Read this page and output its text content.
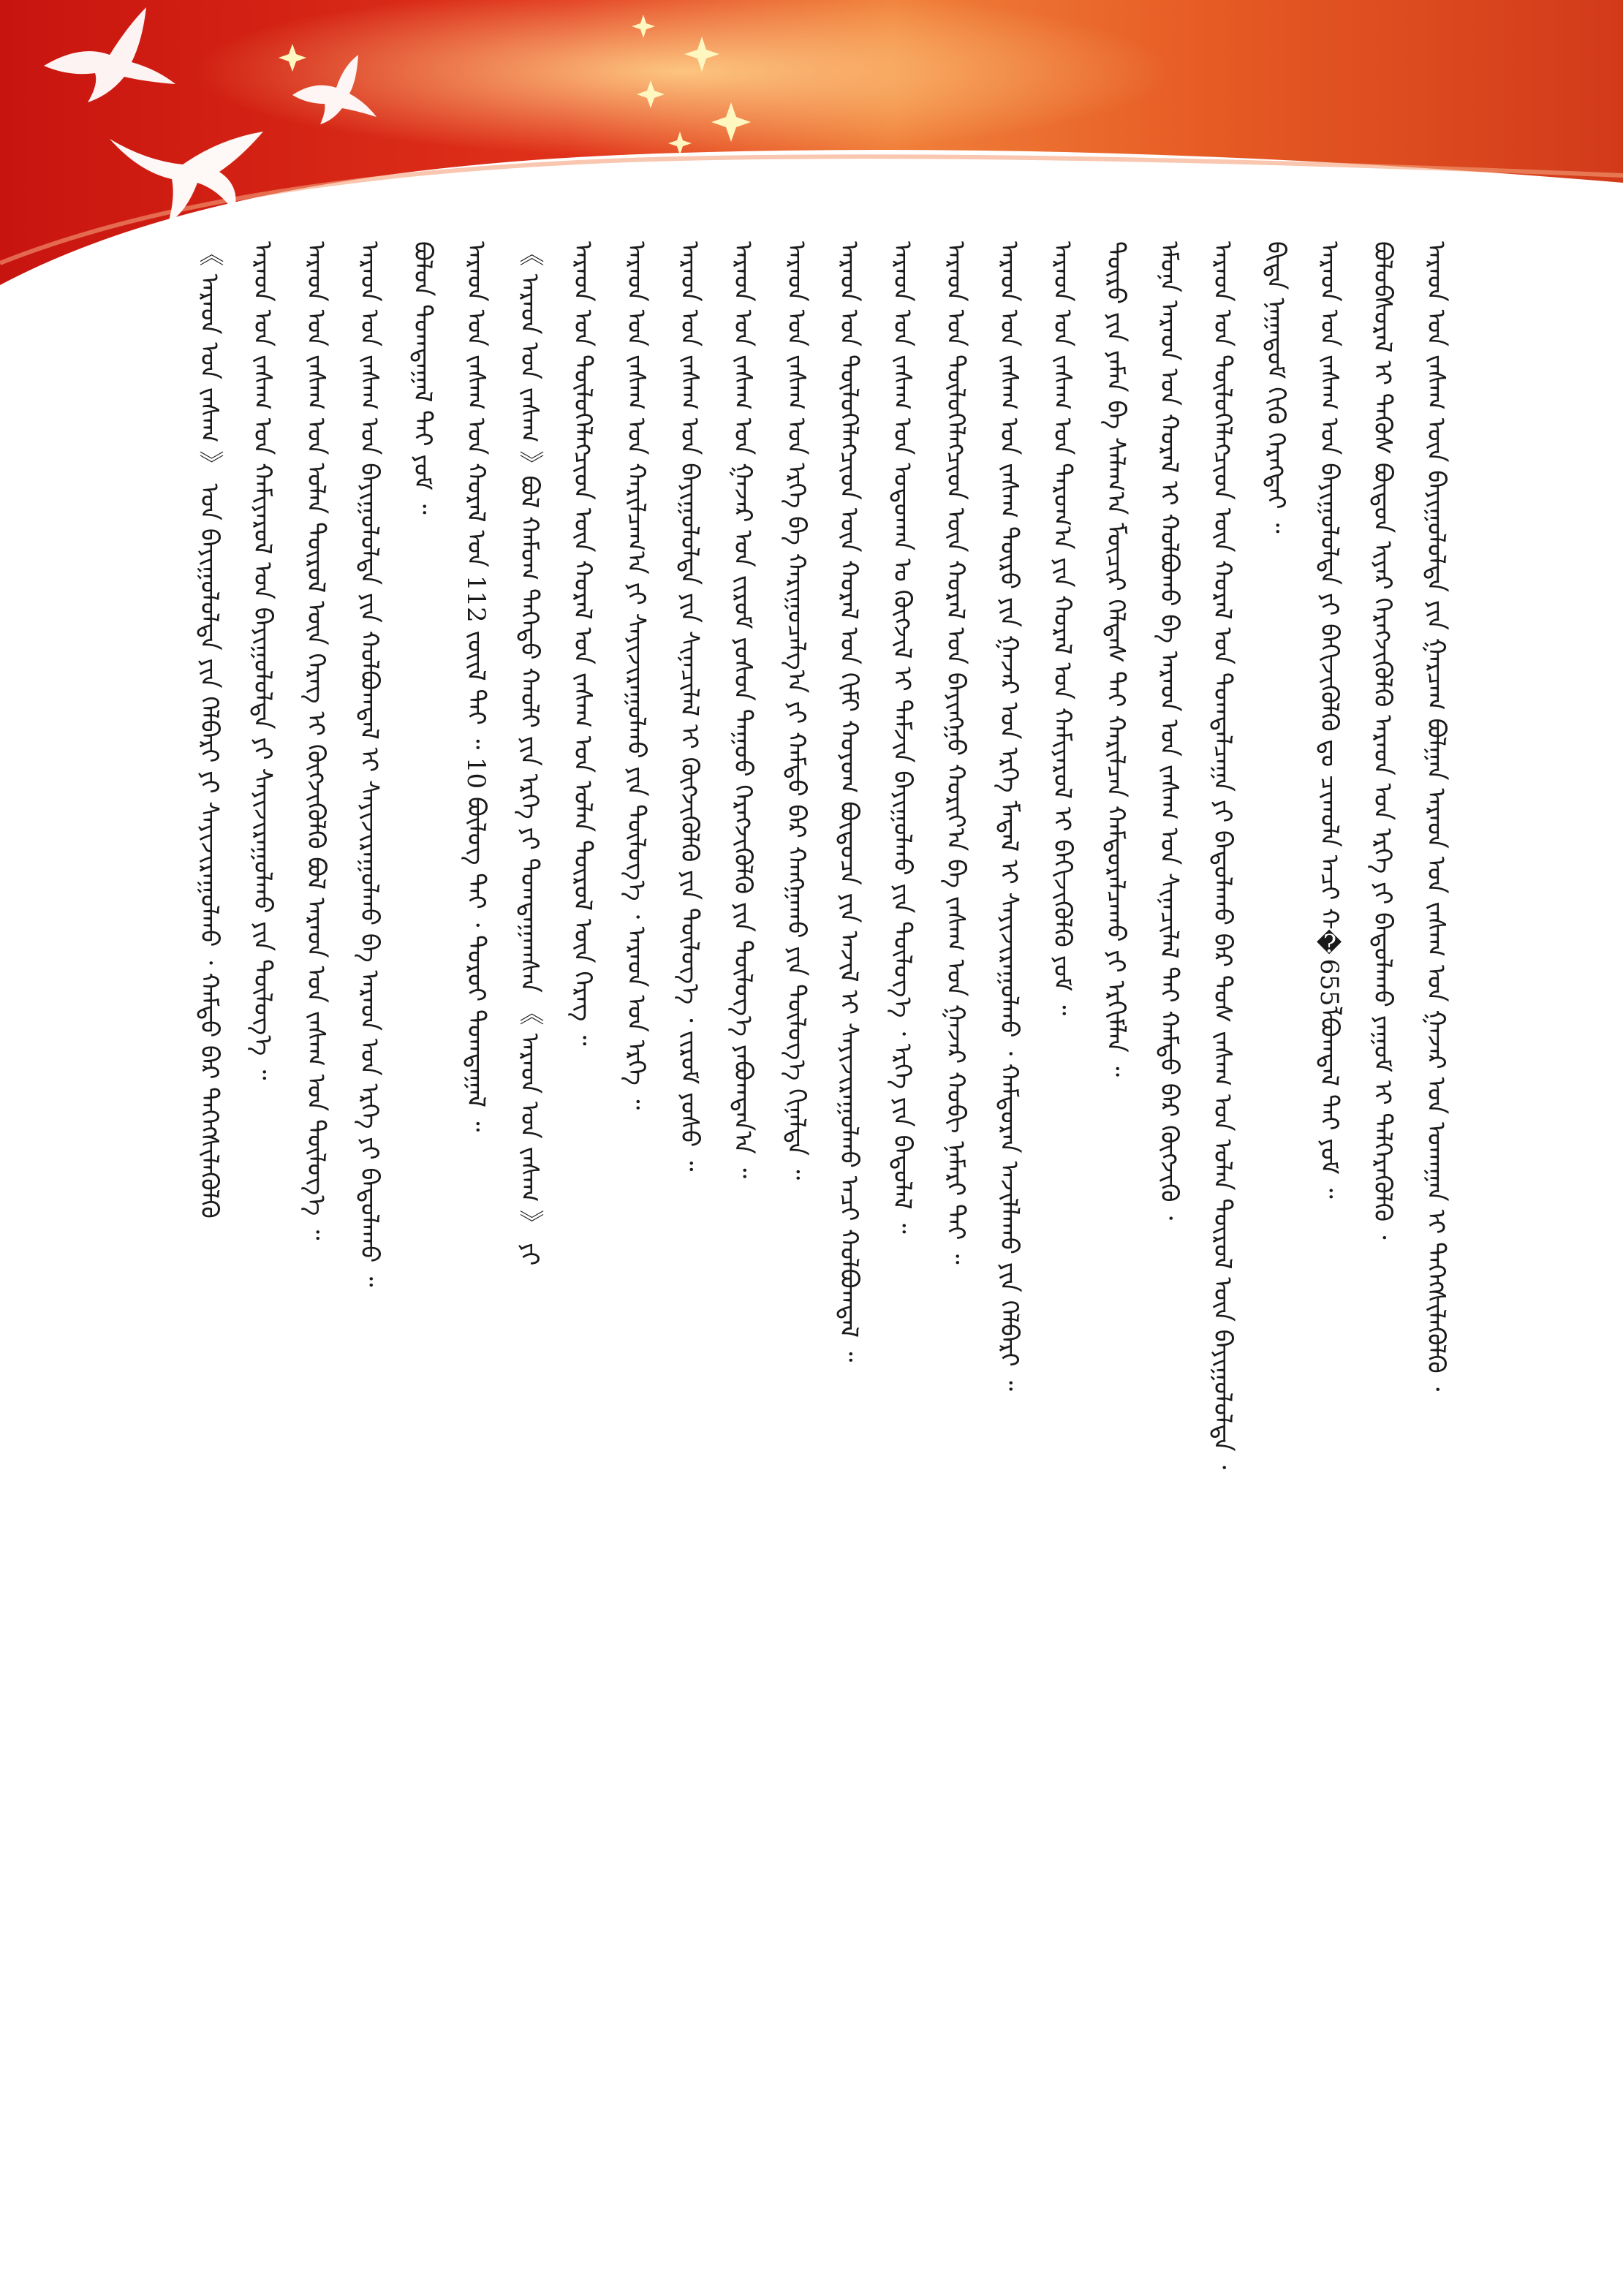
ᠠᠷᠠᠳ ᠤᠨ ᠵᠠᠰᠠᠭ ᠦᠨ ᠪᠠᠶᠢᠭᠤᠯᠤᠯᠲᠠ ᠶᠢᠨ ᠭᠠᠷᠴᠠᠭ ᠪᠣᠯᠭᠠᠨ ᠠᠷᠠᠳ ᠤᠨ ᠵᠠᠰᠠᠭ ᠤᠨ ᠭᠠᠵᠠᠷ ᠤᠨ ᠤᠬᠠᠭᠠᠨ ᠢ ᠳᠡᠭᠡᠭᠰᠢᠯᠡᠭᠦᠯᠬᠦ ᠂
ᠪᠣᠯᠣᠪᠰᠤᠷᠠᠯ ᠢ ᠲᠡᠭᠦᠰ ᠪᠦᠲᠦᠨ ᠢᠶᠡᠷ ᠬᠡᠷᠡᠭᠵᠢᠭᠦᠯᠬᠦ ᠠᠷᠠᠳ ᠤᠨ ᠡᠷᠬᠡ ᠶᠢ ᠪᠠᠲᠤᠯᠠᠬᠤ ᠶᠠᠭᠤᠮ ᠢ ᠳᠡᠯᠭᠡᠷᠡᠭᠦᠯᠬᠦ ᠂
ᠠᠷᠠᠳ ᠤᠨ ᠵᠠᠰᠠᠭ ᠤᠨ ᠪᠠᠶᠢᠭᠤᠯᠤᠯᠲᠠ ᠶᠢ ᠪᠡᠬᠢᠵᠢᠭᠦᠯᠬᠦ ᠳᠤ ᠴᠢᠬᠤᠯᠠ ᠠᠴᠢ ᠬ�655ᠯᠪᠣᠭᠳᠠᠯ ᠲᠠᠢ ᠶᠤᠮ ᠃
ᠪᠢᠳᠡ ᠨᠠᠭᠠᠳᠤᠮ ᠬᠢᠬᠦ ᠬᠡᠷᠡᠭᠲᠡᠢ ᠃
ᠠᠷᠠᠳ ᠤᠨ ᠲᠥᠯᠦᠭᠡᠯᠡᠭᠴᠢᠳ ᠦᠨ ᠬᠤᠷᠠᠯ ᠤᠨ ᠲᠣᠭᠲᠠᠯᠴᠠᠭᠠ ᠶᠢ ᠪᠠᠲᠤᠯᠠᠬᠤ ᠪᠡᠷ ᠲᠤᠰ ᠵᠠᠰᠠᠭ ᠤᠨ ᠣᠯᠠᠨ ᠲᠥᠷᠦᠯ ᠦᠨ ᠪᠠᠶᠢᠭᠤᠯᠤᠯᠲᠠ ᠂
ᠡᠮᠦᠨᠡ ᠠᠷᠠᠳ ᠤᠨ ᠬᠤᠷᠠᠯ ᠢ ᠬᠣᠯᠪᠣᠬᠤ ᠪᠠ ᠠᠷᠠᠳ ᠤᠨ ᠵᠠᠰᠠᠭ ᠤᠨ ᠰᠢᠨᠡᠴᠢᠯᠡᠯ ᠲᠡᠢ ᠬᠠᠮᠲᠤ ᠪᠡᠷ ᠬᠥᠭᠵᠢᠬᠦ ᠂
ᠲᠥᠷᠦ ᠶᠢᠨ ᠶᠠᠮᠠᠨ ᠪᠠ ᠰᠠᠯᠠᠭ᠎ᠠ ᠮᠥᠴᠢᠷ ᠬᠡᠯᠲᠡᠰ ᠲᠡᠢ ᠬᠠᠷᠢᠯᠴᠠᠨ ᠬᠠᠮᠲᠤᠷᠠᠯᠴᠠᠬᠤ ᠶᠢ ᠡᠷᠬᠢᠮᠯᠡᠨ ᠃
ᠠᠷᠠᠳ ᠤᠨ ᠵᠠᠰᠠᠭ ᠤᠨ ᠳᠠᠷᠤᠭ᠎ᠠ ᠶᠢᠨ ᠬᠤᠷᠠᠯ ᠤᠨ ᠬᠠᠮᠢᠶᠠᠷᠤᠯ ᠢ ᠪᠡᠬᠢᠵᠢᠭᠦᠯᠬᠦ ᠶᠤᠮ ᠃
ᠠᠷᠠᠳ ᠤᠨ ᠵᠠᠰᠠᠭ ᠤᠨ ᠵᠠᠰᠠᠭ ᠲᠥᠷᠦ ᠶᠢᠨ ᠭᠠᠵᠠᠷ ᠤᠨ ᠡᠷᠬᠡ ᠮᠡᠳᠡᠯ ᠢ ᠰᠠᠶᠢᠵᠢᠷᠠᠭᠤᠯᠬᠤ ᠂ ᠬᠠᠮᠲᠤᠷᠠᠨ ᠠᠵᠢᠯᠯᠠᠬᠤ ᠶᠢᠨ ᠬᠡᠯᠪᠡᠷᠢ ᠃
ᠠᠷᠠᠳ ᠤᠨ ᠲᠥᠯᠦᠭᠡᠯᠡᠭᠴᠢᠳ ᠦᠨ ᠬᠤᠷᠠᠯ ᠤᠨ ᠪᠠᠶᠢᠩᠭᠤ ᠬᠣᠷᠢᠶ᠎ᠠ ᠪᠠ ᠵᠠᠰᠠᠭ ᠤᠨ ᠭᠠᠵᠠᠷ ᠬᠤᠪᠢ ᠨᠡᠮᠡᠷᠢ ᠲᠡᠢ ᠃
ᠠᠷᠠᠳ ᠤᠨ ᠵᠠᠰᠠᠭ ᠤᠨ ᠣᠳᠣᠬᠠᠨ ᠤ ᠬᠥᠭᠵᠢᠯ ᠢ ᠳᠡᠮᠵᠢᠨ ᠪᠠᠶᠢᠭᠤᠯᠬᠤ ᠶᠢᠨ ᠲᠥᠯᠦᠭ᠎ᠡ ᠂ ᠡᠷᠬᠡ ᠶᠢᠨ ᠪᠠᠲᠤᠯᠠᠯ ᠃
ᠠᠷᠠᠳ ᠤᠨ ᠲᠥᠯᠦᠭᠡᠯᠡᠭᠴᠢᠳ ᠦᠨ ᠬᠤᠷᠠᠯ ᠤᠨ ᠬᠢᠮᠢ ᠬᠤᠶᠤᠭ ᠪᠦᠲᠦᠴᠡ ᠶᠢᠨ ᠠᠵᠢᠯ ᠢ ᠰᠠᠶᠢᠵᠢᠷᠠᠭᠤᠯᠬᠤ ᠠᠴᠢ ᠬᠣᠯᠪᠣᠭᠳᠠᠯ ᠃
ᠠᠷᠠᠳ ᠤᠨ ᠵᠠᠰᠠᠭ ᠤᠨ ᠡᠷᠬᠡ ᠪᠠ ᠬᠠᠷᠢᠭᠤᠴᠠᠯᠭ᠎ᠠ ᠶᠢ ᠬᠠᠮᠲᠤ ᠪᠡᠷ ᠬᠠᠩᠭᠠᠬᠤ ᠶᠢᠨ ᠲᠥᠯᠦᠭ᠎ᠡ ᠬᠢᠨᠠᠯᠲᠠ ᠃
ᠠᠷᠠᠳ ᠤᠨ ᠵᠠᠰᠠᠭ ᠤᠨ ᠭᠠᠵᠠᠷ ᠤᠨ ᠵᠢᠷᠤᠮ ᠶᠣᠰᠣᠨ ᠳᠠᠭᠤᠤ ᠬᠡᠷᠡᠭᠵᠢᠭᠦᠯᠬᠦ ᠶᠢᠨ ᠲᠥᠯᠦᠭ᠎ᠡ ᠶᠠᠪᠤᠭᠳᠠᠨ᠎ᠠ ᠃
ᠠᠷᠠᠳ ᠤᠨ ᠵᠠᠰᠠᠭ ᠤᠨ ᠪᠠᠶᠢᠭᠤᠯᠤᠯᠲᠠ ᠶᠢᠨ ᠰᠢᠨᠡᠴᠢᠯᠡᠯ ᠢ ᠬᠥᠭᠵᠢᠭᠦᠯᠬᠦ ᠶᠢᠨ ᠲᠥᠯᠦᠭ᠎ᠡ ᠂ ᠵᠢᠷᠤᠮ ᠶᠣᠰᠣ ᠃
ᠠᠷᠠᠳ ᠤᠨ ᠵᠠᠰᠠᠭ ᠤᠨ ᠬᠠᠷᠢᠯᠴᠠᠭ᠎ᠠ ᠶᠢ ᠰᠠᠶᠢᠵᠢᠷᠠᠭᠤᠯᠬᠤ ᠶᠢᠨ ᠲᠥᠯᠦᠭ᠎ᠡ ᠂ ᠠᠷᠠᠳ ᠤᠨ ᠡᠷᠬᠡ ᠃
ᠠᠷᠠᠳ ᠤᠨ ᠲᠥᠯᠦᠭᠡᠯᠡᠭᠴᠢᠳ ᠦᠨ ᠬᠤᠷᠠᠯ ᠤᠨ ᠵᠠᠰᠠᠭ ᠤᠨ ᠣᠯᠠᠨ ᠲᠥᠷᠦᠯ ᠦᠨ ᠬᠡᠷᠡᠭ ᠃
《 ᠠᠷᠠᠳ ᠤᠨ ᠵᠠᠰᠠᠭ 》ᠪᠣᠯ ᠬᠠᠮᠤᠭ ᠳᠡᠭᠡᠳᠦ ᠬᠠᠤᠯᠢ ᠶᠢᠨ ᠡᠷᠬᠡ ᠶᠢ ᠲᠣᠭᠲᠠᠭᠠᠭᠰᠠᠨ 《 ᠠᠷᠠᠳ ᠤᠨ ᠵᠠᠰᠠᠭ 》 ᠶᠢ
ᠠᠷᠠᠳ ᠤᠨ ᠵᠠᠰᠠᠭ ᠤᠨ ᠬᠤᠷᠠᠯ ᠤᠨ 112 ᠵᠦᠢᠯ ᠲᠡᠢ ᠃ 10 ᠪᠦᠯᠦᠭ ᠲᠡᠢ ᠂ ᠳᠣᠷᠤᠢ ᠲᠣᠭᠲᠠᠭᠠᠯ ᠃
ᠪᠣᠯᠣᠨ ᠲᠣᠭᠲᠠᠭᠠᠯ ᠲᠠᠢ ᠶᠤᠮ ᠃
ᠠᠷᠠᠳ ᠤᠨ ᠵᠠᠰᠠᠭ ᠤᠨ ᠪᠠᠶᠢᠭᠤᠯᠤᠯᠲᠠ ᠶᠢᠨ ᠬᠣᠯᠪᠣᠭᠳᠠᠯ ᠢ ᠰᠠᠶᠢᠵᠢᠷᠠᠭᠤᠯᠬᠤ ᠪᠠ ᠠᠷᠠᠳ ᠤᠨ ᠡᠷᠬᠡ ᠶᠢ ᠪᠠᠲᠤᠯᠠᠬᠤ ᠃
ᠠᠷᠠᠳ ᠤᠨ ᠵᠠᠰᠠᠭ ᠤᠨ ᠣᠯᠠᠨ ᠲᠥᠷᠦᠯ ᠦᠨ ᠬᠡᠷᠡᠭ ᠢ ᠬᠥᠭᠵᠢᠭᠦᠯᠬᠦ ᠪᠣᠯ ᠠᠷᠠᠳ ᠤᠨ ᠵᠠᠰᠠᠭ ᠤᠨ ᠲᠥᠯᠦᠭ᠎ᠡ ᠃
ᠠᠷᠠᠳ ᠤᠨ ᠵᠠᠰᠠᠭ ᠤᠨ ᠬᠠᠮᠢᠶᠠᠷᠤᠯ ᠤᠨ ᠪᠠᠶᠢᠭᠤᠯᠤᠯᠲᠠ ᠶᠢ ᠰᠠᠶᠢᠵᠢᠷᠠᠭᠤᠯᠬᠤ ᠶᠢᠨ ᠲᠥᠯᠦᠭ᠎ᠡ ᠃
《 ᠠᠷᠠᠳ ᠤᠨ ᠵᠠᠰᠠᠭ 》 ᠤᠨ ᠪᠠᠶᠢᠭᠤᠯᠤᠯᠲᠠ ᠶᠢᠨ ᠬᠡᠯᠪᠡᠷᠢ ᠶᠢ ᠰᠠᠶᠢᠵᠢᠷᠠᠭᠤᠯᠬᠤ ᠂ ᠬᠠᠮᠲᠤ ᠪᠡᠷ ᠳᠡᠭᠡᠭᠰᠢᠯᠡᠭᠦᠯᠬᠦ
